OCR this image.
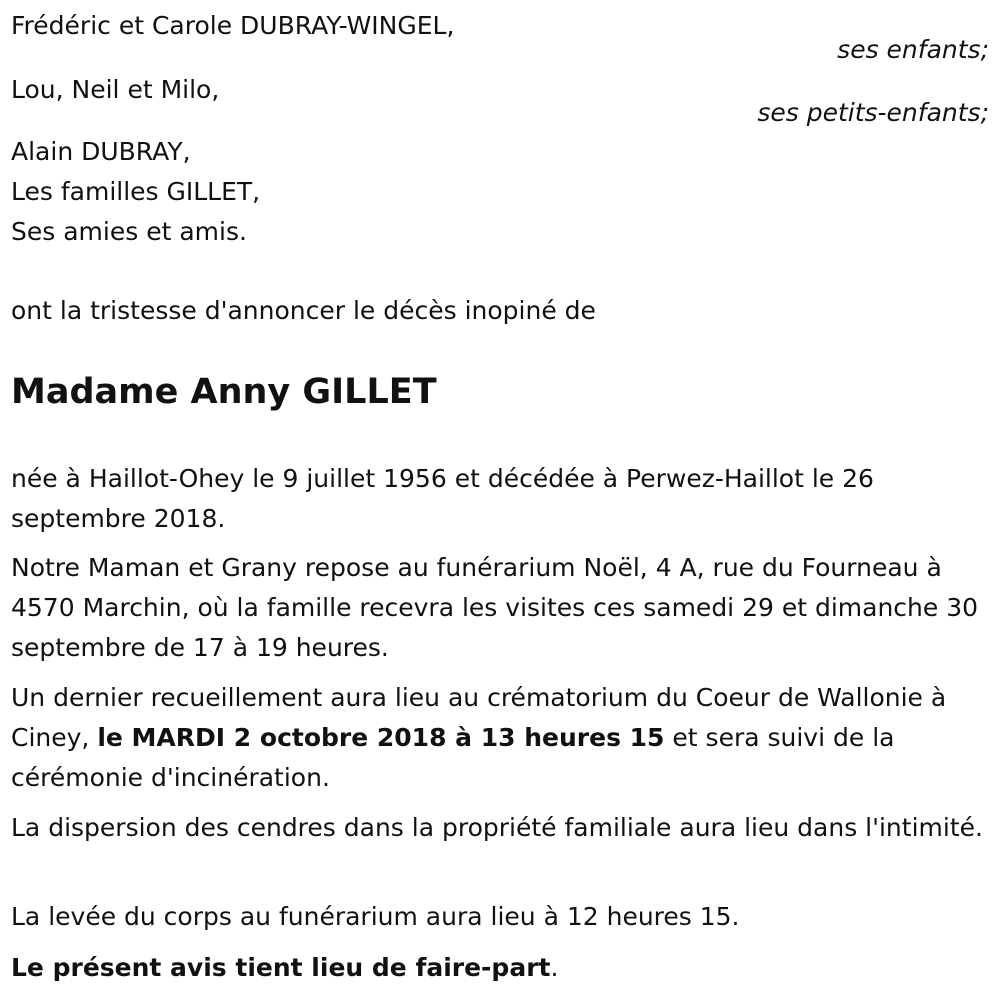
Frédéric et Carole DUBRAY-WINGEL,
ses enfants;
Lou, Neil et Milo,
ses petits-enfants;
Alain DUBRAY,
Les familles GILLET,
Ses amies et amis.
ont la tristesse d'annoncer le décès inopiné de
Madame Anny GILLET
née à Haillot-Ohey le 9 juillet 1956 et décédée à Perwez-Haillot le 26 septembre 2018.
Notre Maman et Grany repose au funérarium Noël, 4 A, rue du Fourneau à 4570 Marchin, où la famille recevra les visites ces samedi 29 et dimanche 30 septembre de 17 à 19 heures.
Un dernier recueillement aura lieu au crématorium du Coeur de Wallonie à Ciney, le MARDI 2 octobre 2018 à 13 heures 15 et sera suivi de la cérémonie d'incinération.
La dispersion des cendres dans la propriété familiale aura lieu dans l'intimité.
La levée du corps au funérarium aura lieu à 12 heures 15.
Le présent avis tient lieu de faire-part.
